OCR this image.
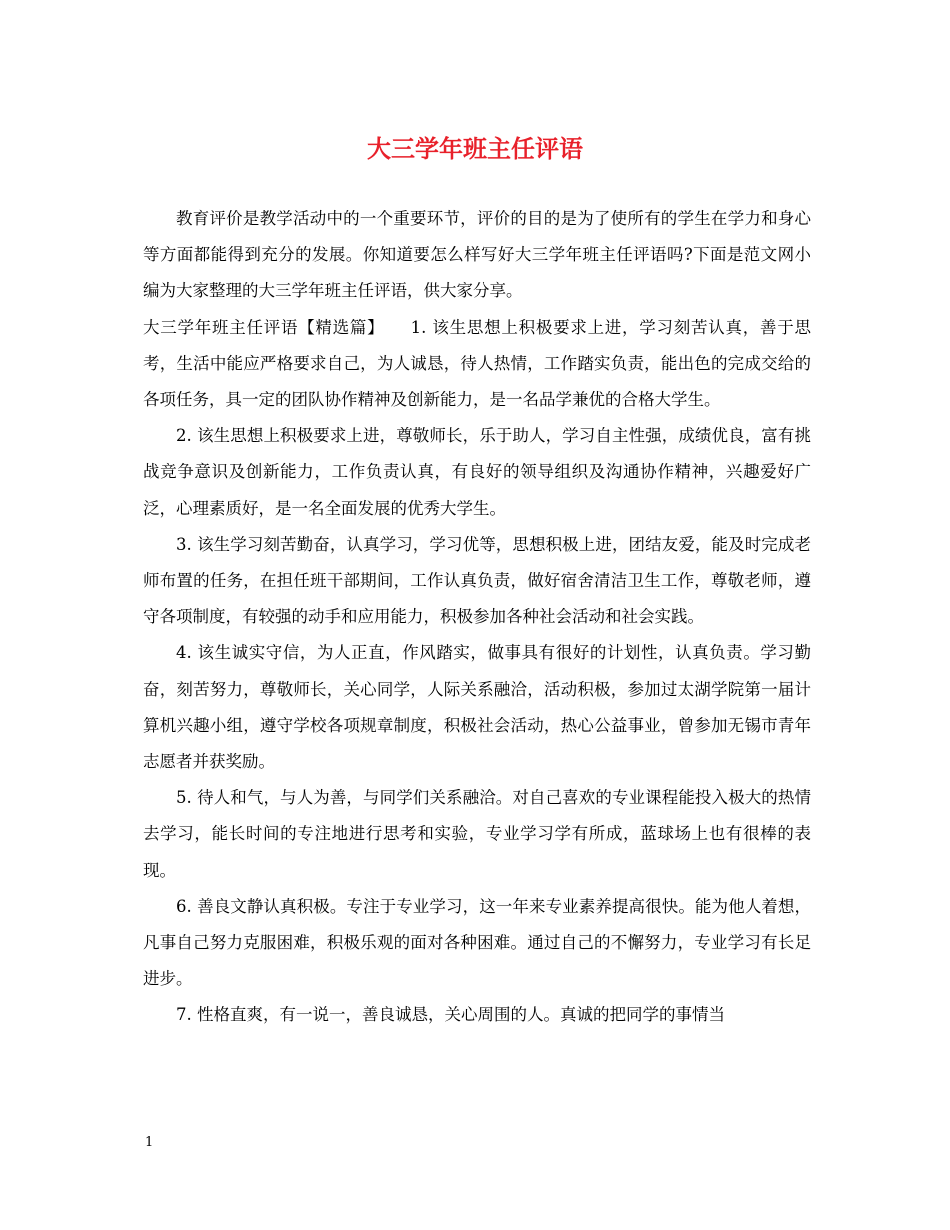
大三学年班主任评语

教育评价是教学活动中的一个重要环节，评价的目的是为了使所有的学生在学力和身心等方面都能得到充分的发展。你知道要怎么样写好大三学年班主任评语吗?下面是范文网小编为大家整理的大三学年班主任评语，供大家分享。

大三学年班主任评语【精选篇】　　1. 该生思想上积极要求上进，学习刻苦认真，善于思考，生活中能应严格要求自己，为人诚恳，待人热情，工作踏实负责，能出色的完成交给的各项任务，具一定的团队协作精神及创新能力，是一名品学兼优的合格大学生。

2. 该生思想上积极要求上进，尊敬师长，乐于助人，学习自主性强，成绩优良，富有挑战竞争意识及创新能力，工作负责认真，有良好的领导组织及沟通协作精神，兴趣爱好广泛，心理素质好，是一名全面发展的优秀大学生。

3. 该生学习刻苦勤奋，认真学习，学习优等，思想积极上进，团结友爱，能及时完成老师布置的任务，在担任班干部期间，工作认真负责，做好宿舍清洁卫生工作，尊敬老师，遵守各项制度，有较强的动手和应用能力，积极参加各种社会活动和社会实践。

4. 该生诚实守信，为人正直，作风踏实，做事具有很好的计划性，认真负责。学习勤奋，刻苦努力，尊敬师长，关心同学，人际关系融洽，活动积极，参加过太湖学院第一届计算机兴趣小组，遵守学校各项规章制度，积极社会活动，热心公益事业，曾参加无锡市青年志愿者并获奖励。

5. 待人和气，与人为善，与同学们关系融洽。对自己喜欢的专业课程能投入极大的热情去学习，能长时间的专注地进行思考和实验，专业学习学有所成，蓝球场上也有很棒的表现。

6. 善良文静认真积极。专注于专业学习，这一年来专业素养提高很快。能为他人着想，凡事自己努力克服困难，积极乐观的面对各种困难。通过自己的不懈努力，专业学习有长足进步。

7. 性格直爽，有一说一，善良诚恳，关心周围的人。真诚的把同学的事情当

1
